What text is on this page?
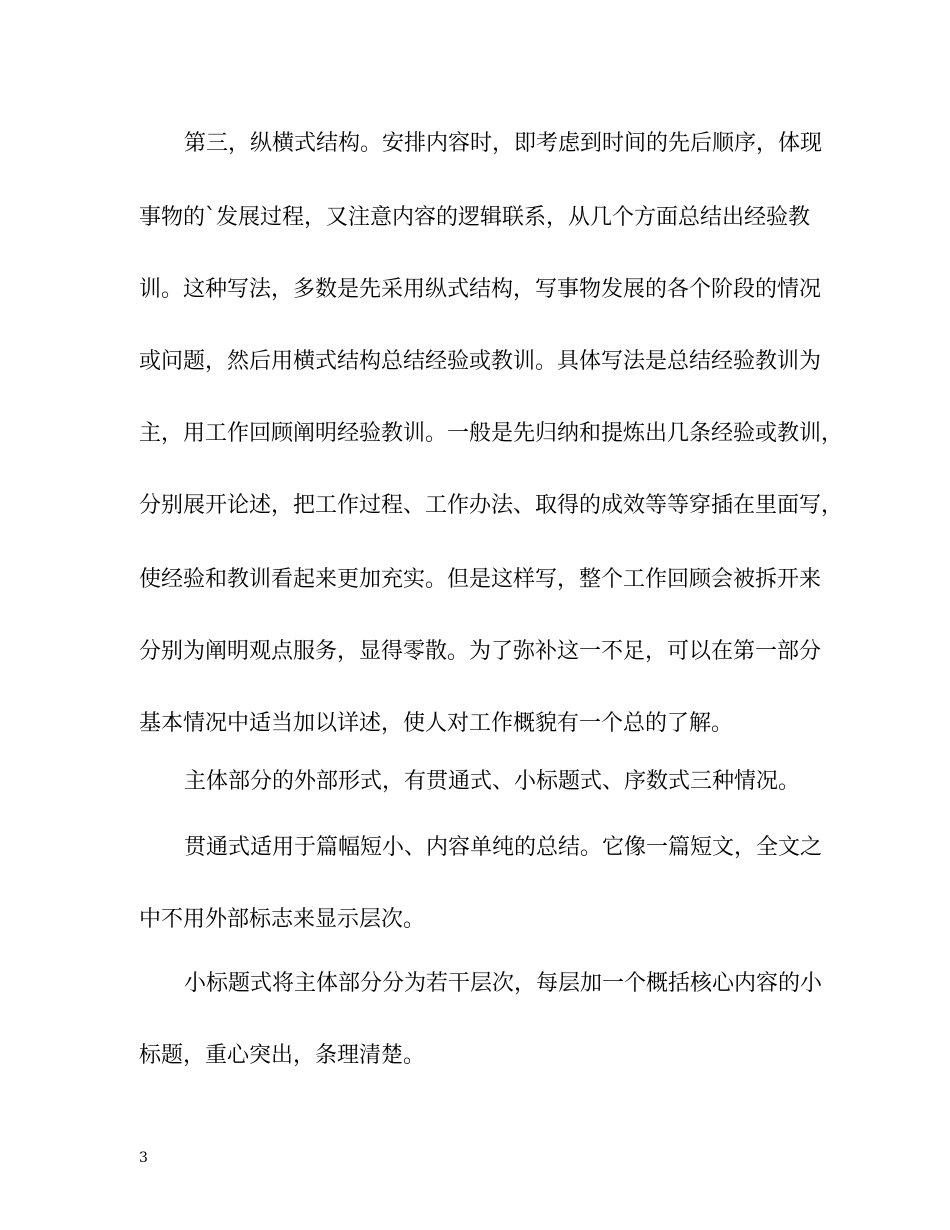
第三，纵横式结构。安排内容时，即考虑到时间的先后顺序，体现

事物的`发展过程，又注意内容的逻辑联系，从几个方面总结出经验教

训。这种写法，多数是先采用纵式结构，写事物发展的各个阶段的情况

或问题，然后用横式结构总结经验或教训。具体写法是总结经验教训为

主，用工作回顾阐明经验教训。一般是先归纳和提炼出几条经验或教训，

分别展开论述，把工作过程、工作办法、取得的成效等等穿插在里面写，

使经验和教训看起来更加充实。但是这样写，整个工作回顾会被拆开来

分别为阐明观点服务，显得零散。为了弥补这一不足，可以在第一部分

基本情况中适当加以详述，使人对工作概貌有一个总的了解。

主体部分的外部形式，有贯通式、小标题式、序数式三种情况。

贯通式适用于篇幅短小、内容单纯的总结。它像一篇短文，全文之

中不用外部标志来显示层次。

小标题式将主体部分分为若干层次，每层加一个概括核心内容的小

标题，重心突出，条理清楚。

3
